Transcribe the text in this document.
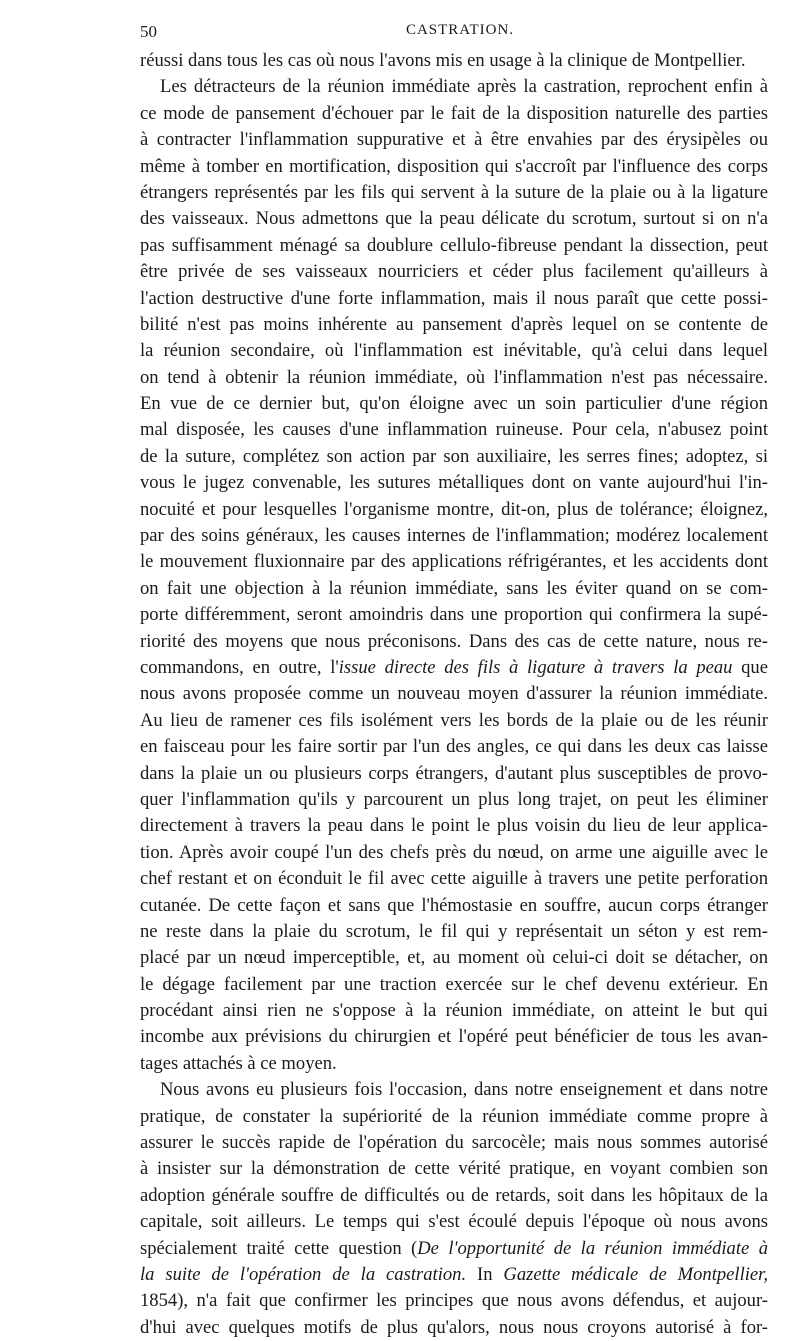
50	CASTRATION.
réussi dans tous les cas où nous l'avons mis en usage à la clinique de Montpellier.
Les détracteurs de la réunion immédiate après la castration, reprochent enfin à
ce mode de pansement d'échouer par le fait de la disposition naturelle des parties
à contracter l'inflammation suppurative et à être envahies par des érysipèles ou
même à tomber en mortification, disposition qui s'accroît par l'influence des corps
étrangers représentés par les fils qui servent à la suture de la plaie ou à la ligature
des vaisseaux. Nous admettons que la peau délicate du scrotum, surtout si on n'a
pas suffisamment ménagé sa doublure cellulo-fibreuse pendant la dissection, peut
être privée de ses vaisseaux nourriciers et céder plus facilement qu'ailleurs à
l'action destructive d'une forte inflammation, mais il nous paraît que cette possi-
bilité n'est pas moins inhérente au pansement d'après lequel on se contente de
la réunion secondaire, où l'inflammation est inévitable, qu'à celui dans lequel
on tend à obtenir la réunion immédiate, où l'inflammation n'est pas nécessaire.
En vue de ce dernier but, qu'on éloigne avec un soin particulier d'une région
mal disposée, les causes d'une inflammation ruineuse. Pour cela, n'abusez point
de la suture, complétez son action par son auxiliaire, les serres fines; adoptez, si
vous le jugez convenable, les sutures métalliques dont on vante aujourd'hui l'in-
nocuité et pour lesquelles l'organisme montre, dit-on, plus de tolérance; éloignez,
par des soins généraux, les causes internes de l'inflammation; modérez localement
le mouvement fluxionnaire par des applications réfrigérantes, et les accidents dont
on fait une objection à la réunion immédiate, sans les éviter quand on se com-
porte différemment, seront amoindris dans une proportion qui confirmera la supé-
riorité des moyens que nous préconisons. Dans des cas de cette nature, nous re-
commandons, en outre, l'issue directe des fils à ligature à travers la peau que
nous avons proposée comme un nouveau moyen d'assurer la réunion immédiate.
Au lieu de ramener ces fils isolément vers les bords de la plaie ou de les réunir
en faisceau pour les faire sortir par l'un des angles, ce qui dans les deux cas laisse
dans la plaie un ou plusieurs corps étrangers, d'autant plus susceptibles de provo-
quer l'inflammation qu'ils y parcourent un plus long trajet, on peut les éliminer
directement à travers la peau dans le point le plus voisin du lieu de leur applica-
tion. Après avoir coupé l'un des chefs près du nœud, on arme une aiguille avec le
chef restant et on éconduit le fil avec cette aiguille à travers une petite perforation
cutanée. De cette façon et sans que l'hémostasie en souffre, aucun corps étranger
ne reste dans la plaie du scrotum, le fil qui y représentait un séton y est rem-
placé par un nœud imperceptible, et, au moment où celui-ci doit se détacher, on
le dégage facilement par une traction exercée sur le chef devenu extérieur. En
procédant ainsi rien ne s'oppose à la réunion immédiate, on atteint le but qui
incombe aux prévisions du chirurgien et l'opéré peut bénéficier de tous les avan-
tages attachés à ce moyen.
Nous avons eu plusieurs fois l'occasion, dans notre enseignement et dans notre
pratique, de constater la supériorité de la réunion immédiate comme propre à
assurer le succès rapide de l'opération du sarcocèle; mais nous sommes autorisé
à insister sur la démonstration de cette vérité pratique, en voyant combien son
adoption générale souffre de difficultés ou de retards, soit dans les hôpitaux de la
capitale, soit ailleurs. Le temps qui s'est écoulé depuis l'époque où nous avons
spécialement traité cette question (De l'opportunité de la réunion immédiate à
la suite de l'opération de la castration. In Gazette médicale de Montpellier,
1854), n'a fait que confirmer les principes que nous avons défendus, et aujour-
d'hui avec quelques motifs de plus qu'alors, nous nous croyons autorisé à for-
